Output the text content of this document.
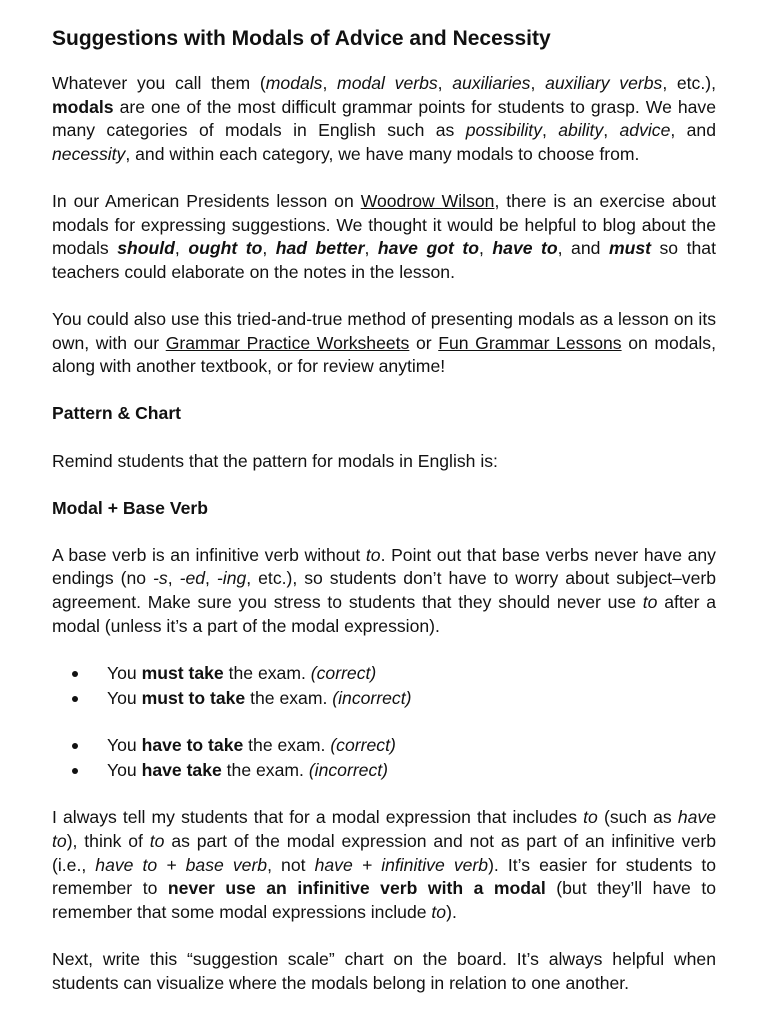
Suggestions with Modals of Advice and Necessity

Whatever you call them (modals, modal verbs, auxiliaries, auxiliary verbs, etc.), modals are one of the most difficult grammar points for students to grasp. We have many categories of modals in English such as possibility, ability, advice, and necessity, and within each category, we have many modals to choose from.

In our American Presidents lesson on Woodrow Wilson, there is an exercise about modals for expressing suggestions. We thought it would be helpful to blog about the modals should, ought to, had better, have got to, have to, and must so that teachers could elaborate on the notes in the lesson.

You could also use this tried-and-true method of presenting modals as a lesson on its own, with our Grammar Practice Worksheets or Fun Grammar Lessons on modals, along with another textbook, or for review anytime!

Pattern & Chart

Remind students that the pattern for modals in English is:

Modal + Base Verb

A base verb is an infinitive verb without to. Point out that base verbs never have any endings (no -s, -ed, -ing, etc.), so students don’t have to worry about subject–verb agreement. Make sure you stress to students that they should never use to after a modal (unless it’s a part of the modal expression).

You must take the exam. (correct)
You must to take the exam. (incorrect)
You have to take the exam. (correct)
You have take the exam. (incorrect)

I always tell my students that for a modal expression that includes to (such as have to), think of to as part of the modal expression and not as part of an infinitive verb (i.e., have to + base verb, not have + infinitive verb). It’s easier for students to remember to never use an infinitive verb with a modal (but they’ll have to remember that some modal expressions include to).

Next, write this “suggestion scale” chart on the board. It’s always helpful when students can visualize where the modals belong in relation to one another.
